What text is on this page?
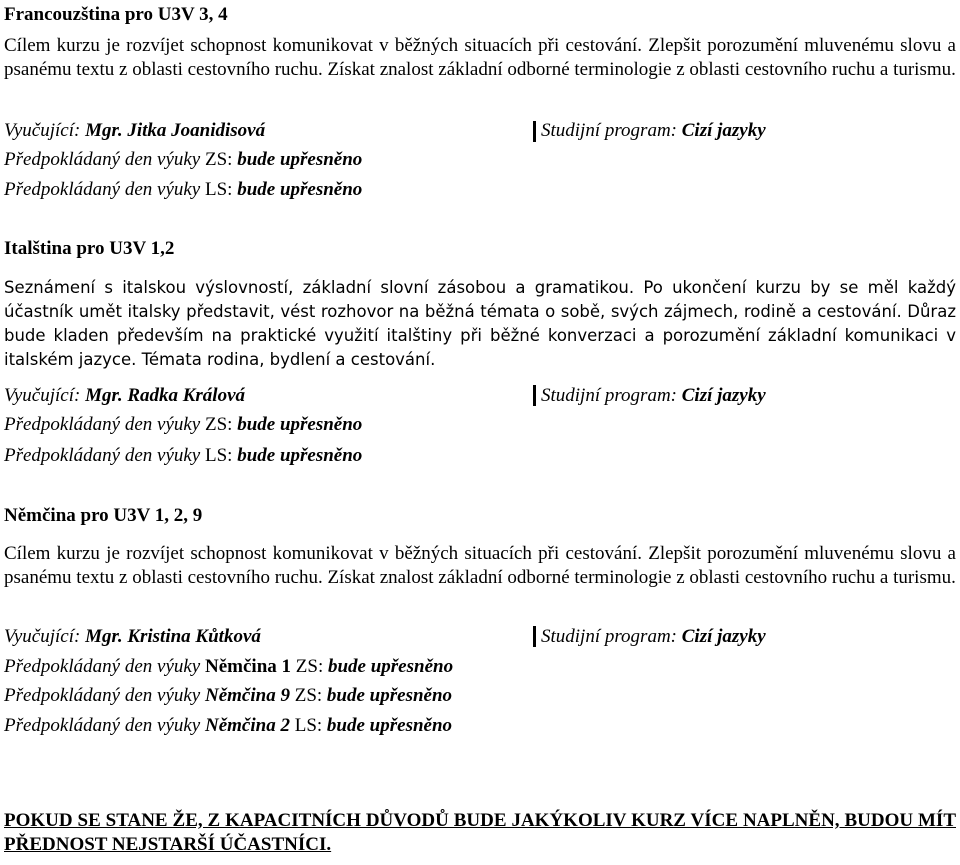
Francouzština pro U3V 3, 4
Cílem kurzu je rozvíjet schopnost komunikovat v běžných situacích při cestování. Zlepšit porozumění mluvenému slovu a psanému textu z oblasti cestovního ruchu. Získat znalost základní odborné terminologie z oblasti cestovního ruchu a turismu.
Vyučující: Mgr. Jitka Joanidisová	Studijní program: Cizí jazyky
Předpokládaný den výuky ZS: bude upřesněno
Předpokládaný den výuky LS: bude upřesněno
Italština pro U3V 1,2
Seznámení s italskou výslovností, základní slovní zásobou a gramatikou. Po ukončení kurzu by se měl každý účastník umět italsky představit, vést rozhovor na běžná témata o sobě, svých zájmech, rodině a cestování. Důraz bude kladen především na praktické využití italštiny při běžné konverzaci a porozumění základní komunikaci v italském jazyce. Témata rodina, bydlení a cestování.
Vyučující: Mgr. Radka Králová	Studijní program: Cizí jazyky
Předpokládaný den výuky ZS: bude upřesněno
Předpokládaný den výuky LS: bude upřesněno
Němčina pro U3V 1, 2, 9
Cílem kurzu je rozvíjet schopnost komunikovat v běžných situacích při cestování. Zlepšit porozumění mluvenému slovu a psanému textu z oblasti cestovního ruchu. Získat znalost základní odborné terminologie z oblasti cestovního ruchu a turismu.
Vyučující: Mgr. Kristina Kůtková	Studijní program: Cizí jazyky
Předpokládaný den výuky Němčina 1 ZS: bude upřesněno
Předpokládaný den výuky Němčina 9 ZS: bude upřesněno
Předpokládaný den výuky Němčina 2 LS: bude upřesněno
POKUD SE STANE ŽE, Z KAPACITNÍCH DŮVODŮ BUDE JAKÝKOLIV KURZ VÍCE NAPLNĚN, BUDOU MÍT PŘEDNOST NEJSTARŠÍ ÚČASTNÍCI.
